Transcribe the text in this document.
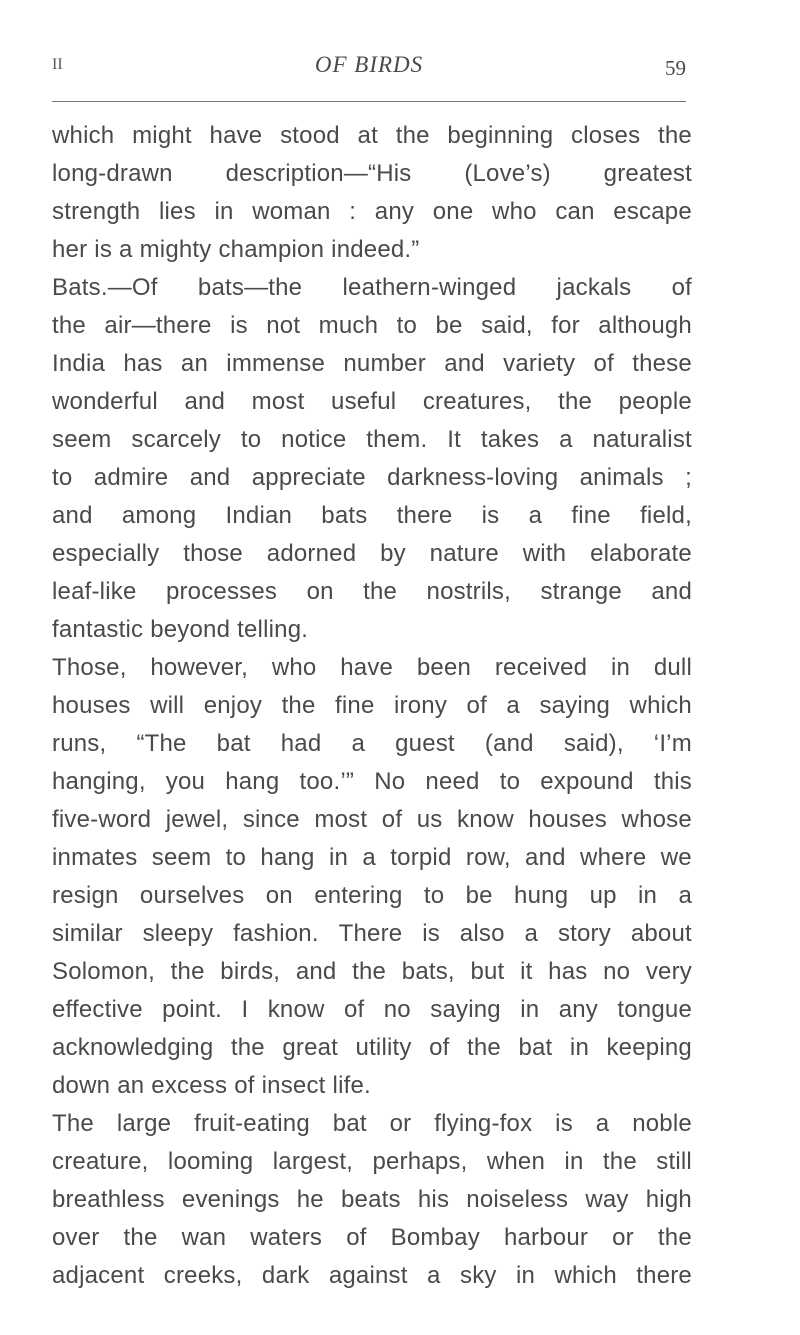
II	OF BIRDS	59
which might have stood at the beginning closes the
long-drawn description—“His (Love’s) greatest
strength lies in woman : any one who can escape
her is a mighty champion indeed.”
Bats.—Of bats—the leathern-winged jackals of
the air—there is not much to be said, for although
India has an immense number and variety of these
wonderful and most useful creatures, the people
seem scarcely to notice them. It takes a naturalist
to admire and appreciate darkness-loving animals ;
and among Indian bats there is a fine field,
especially those adorned by nature with elaborate
leaf-like processes on the nostrils, strange and
fantastic beyond telling.
Those, however, who have been received in dull
houses will enjoy the fine irony of a saying which
runs, “The bat had a guest (and said), ‘I’m
hanging, you hang too.’” No need to expound this
five-word jewel, since most of us know houses whose
inmates seem to hang in a torpid row, and where we
resign ourselves on entering to be hung up in a
similar sleepy fashion. There is also a story about
Solomon, the birds, and the bats, but it has no very
effective point. I know of no saying in any tongue
acknowledging the great utility of the bat in keeping
down an excess of insect life.
The large fruit-eating bat or flying-fox is a noble
creature, looming largest, perhaps, when in the still
breathless evenings he beats his noiseless way high
over the wan waters of Bombay harbour or the
adjacent creeks, dark against a sky in which there
